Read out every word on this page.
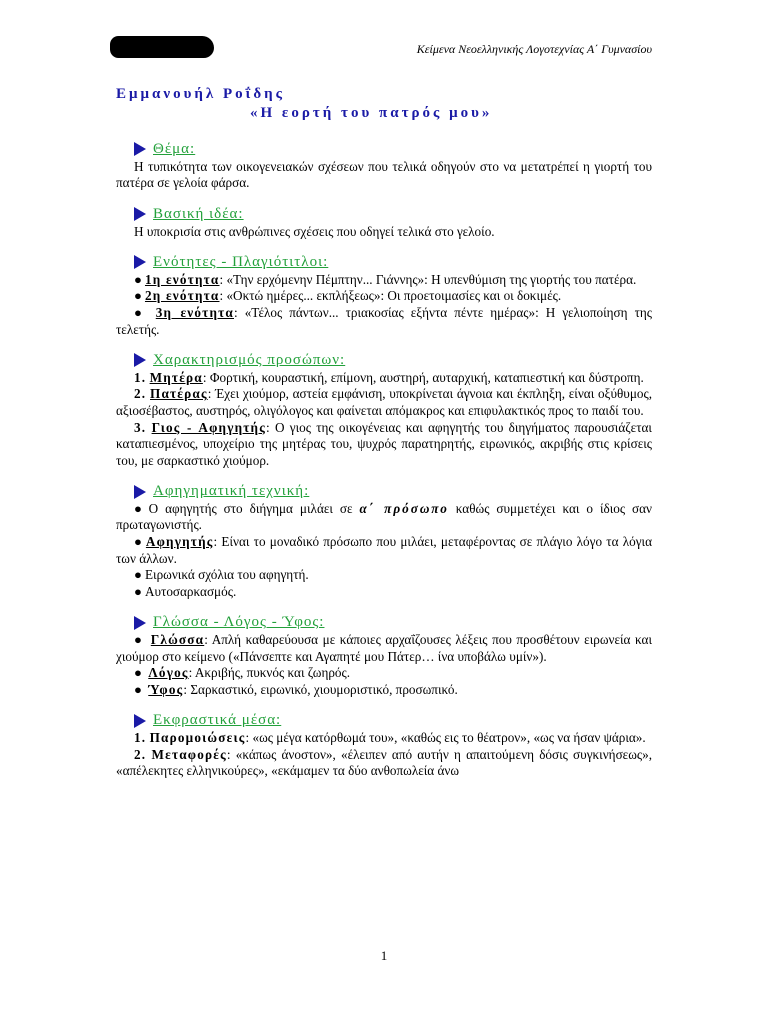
Κείμενα Νεοελληνικής Λογοτεχνίας Α΄ Γυμνασίου

Εμμανουήλ Ροΐδης

«Η εορτή του πατρός μου»

Θέμα:

Η τυπικότητα των οικογενειακών σχέσεων που τελικά οδηγούν στο να μετατρέπεί η γιορτή του πατέρα σε γελοία φάρσα.

Βασική ιδέα:

Η υποκρισία στις ανθρώπινες σχέσεις που οδηγεί τελικά στο γελοίο.

Ενότητες - Πλαγιότιτλοι:

● 1η ενότητα: «Την ερχόμενην Πέμπτην... Γιάννης»: Η υπενθύμιση της γιορτής του πατέρα.

● 2η ενότητα: «Οκτώ ημέρες... εκπλήξεως»: Οι προετοιμασίες και οι δοκιμές.

● 3η ενότητα: «Τέλος πάντων... τριακοσίας εξήντα πέντε ημέρας»: Η γελιοποίηση της τελετής.

Χαρακτηρισμός προσώπων:

1. Μητέρα: Φορτική, κουραστική, επίμονη, αυστηρή, αυταρχική, καταπιεστική και δύστροπη.

2. Πατέρας: Έχει χιούμορ, αστεία εμφάνιση, υποκρίνεται άγνοια και έκπληξη, είναι οξύθυμος, αξιοσέβαστος, αυστηρός, ολιγόλογος και φαίνεται απόμακρος και επιφυλακτικός προς το παιδί του.

3. Γιος - Αφηγητής: Ο γιος της οικογένειας και αφηγητής του διηγήματος παρουσιάζεται καταπιεσμένος, υποχείριο της μητέρας του, ψυχρός παρατηρητής, ειρωνικός, ακριβής στις κρίσεις του, με σαρκαστικό χιούμορ.

Αφηγηματική τεχνική:

● Ο αφηγητής στο διήγημα μιλάει σε α΄ πρόσωπο καθώς συμμετέχει και ο ίδιος σαν πρωταγωνιστής.

● Αφηγητής: Είναι το μοναδικό πρόσωπο που μιλάει, μεταφέροντας σε πλάγιο λόγο τα λόγια των άλλων.

● Ειρωνικά σχόλια του αφηγητή.

● Αυτοσαρκασμός.

Γλώσσα - Λόγος - Ύφος:

● Γλώσσα: Απλή καθαρεύουσα με κάποιες αρχαΐζουσες λέξεις που προσθέτουν ειρωνεία και χιούμορ στο κείμενο («Πάνσεπτε και Αγαπητέ μου Πάτερ… ίνα υποβάλω υμίν»).

● Λόγος: Ακριβής, πυκνός και ζωηρός.

● Ύφος: Σαρκαστικό, ειρωνικό, χιουμοριστικό, προσωπικό.

Εκφραστικά μέσα:

1. Παρομοιώσεις: «ως μέγα κατόρθωμά του», «καθώς εις το θέατρον», «ως να ήσαν ψάρια».

2. Μεταφορές: «κάπως άνοστον», «έλειπεν από αυτήν η απαιτούμενη δόσις συγκινήσεως», «απέλεκητες ελληνικούρες», «εκάμαμεν τα δύο ανθοπωλεία άνω

1
